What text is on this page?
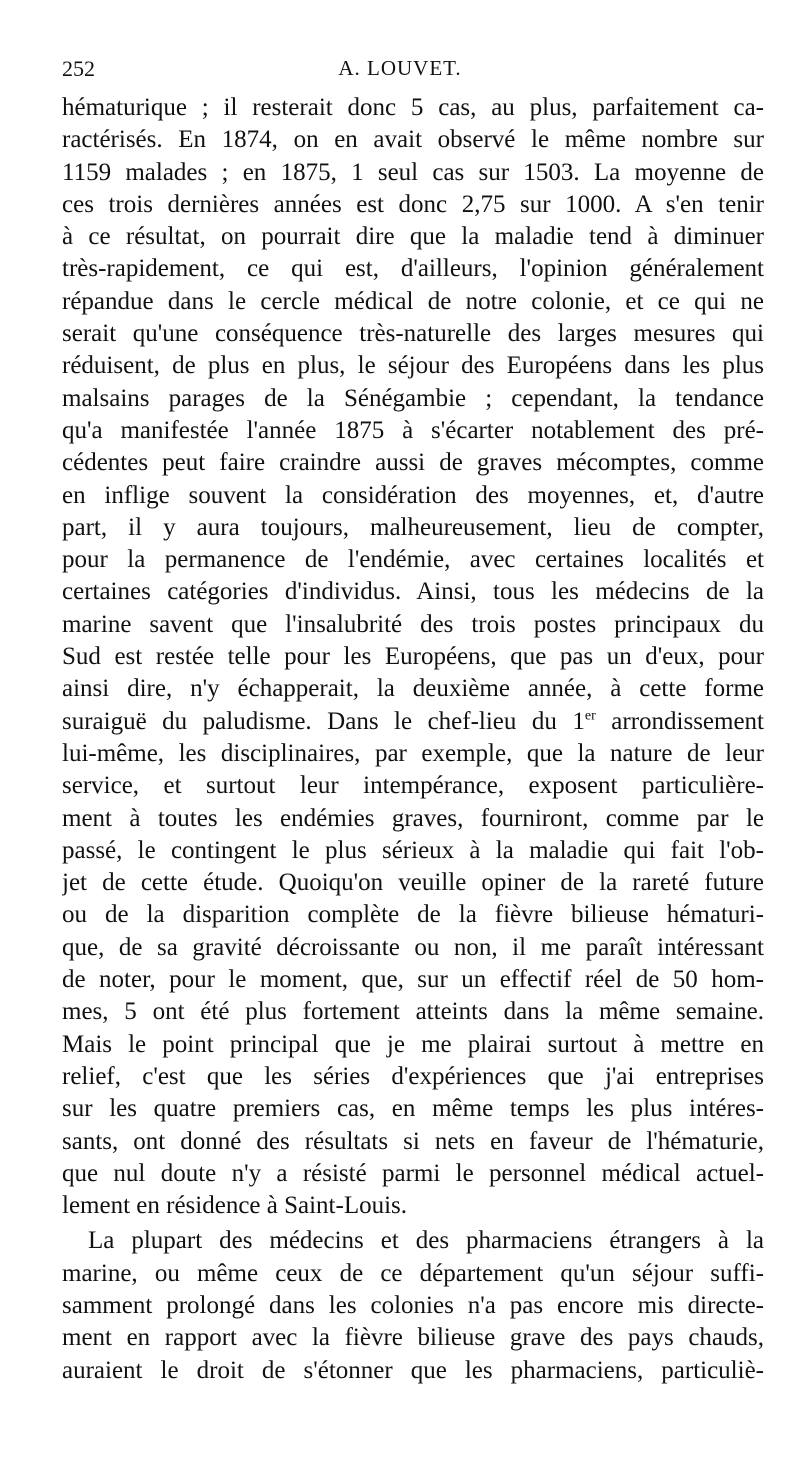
252	A. LOUVET.
hématurique ; il resterait donc 5 cas, au plus, parfaitement ca-
ractérisés. En 1874, on en avait observé le même nombre sur
1159 malades ; en 1875, 1 seul cas sur 1503. La moyenne de
ces trois dernières années est donc 2,75 sur 1000. A s'en tenir
à ce résultat, on pourrait dire que la maladie tend à diminuer
très-rapidement, ce qui est, d'ailleurs, l'opinion généralement
répandue dans le cercle médical de notre colonie, et ce qui ne
serait qu'une conséquence très-naturelle des larges mesures qui
réduisent, de plus en plus, le séjour des Européens dans les plus
malsains parages de la Sénégambie ; cependant, la tendance
qu'a manifestée l'année 1875 à s'écarter notablement des pré-
cédentes peut faire craindre aussi de graves mécomptes, comme
en inflige souvent la considération des moyennes, et, d'autre
part, il y aura toujours, malheureusement, lieu de compter,
pour la permanence de l'endémie, avec certaines localités et
certaines catégories d'individus. Ainsi, tous les médecins de la
marine savent que l'insalubrité des trois postes principaux du
Sud est restée telle pour les Européens, que pas un d'eux, pour
ainsi dire, n'y échapperait, la deuxième année, à cette forme
suraiguë du paludisme. Dans le chef-lieu du 1er arrondissement
lui-même, les disciplinaires, par exemple, que la nature de leur
service, et surtout leur intempérance, exposent particulière-
ment à toutes les endémies graves, fourniront, comme par le
passé, le contingent le plus sérieux à la maladie qui fait l'ob-
jet de cette étude. Quoiqu'on veuille opiner de la rareté future
ou de la disparition complète de la fièvre bilieuse hématuri-
que, de sa gravité décroissante ou non, il me paraît intéressant
de noter, pour le moment, que, sur un effectif réel de 50 hom-
mes, 5 ont été plus fortement atteints dans la même semaine.
Mais le point principal que je me plairai surtout à mettre en
relief, c'est que les séries d'expériences que j'ai entreprises
sur les quatre premiers cas, en même temps les plus intéres-
sants, ont donné des résultats si nets en faveur de l'hématurie,
que nul doute n'y a résisté parmi le personnel médical actuel-
lement en résidence à Saint-Louis.
La plupart des médecins et des pharmaciens étrangers à la
marine, ou même ceux de ce département qu'un séjour suffi-
samment prolongé dans les colonies n'a pas encore mis directe-
ment en rapport avec la fièvre bilieuse grave des pays chauds,
auraient le droit de s'étonner que les pharmaciens, particuliè-
